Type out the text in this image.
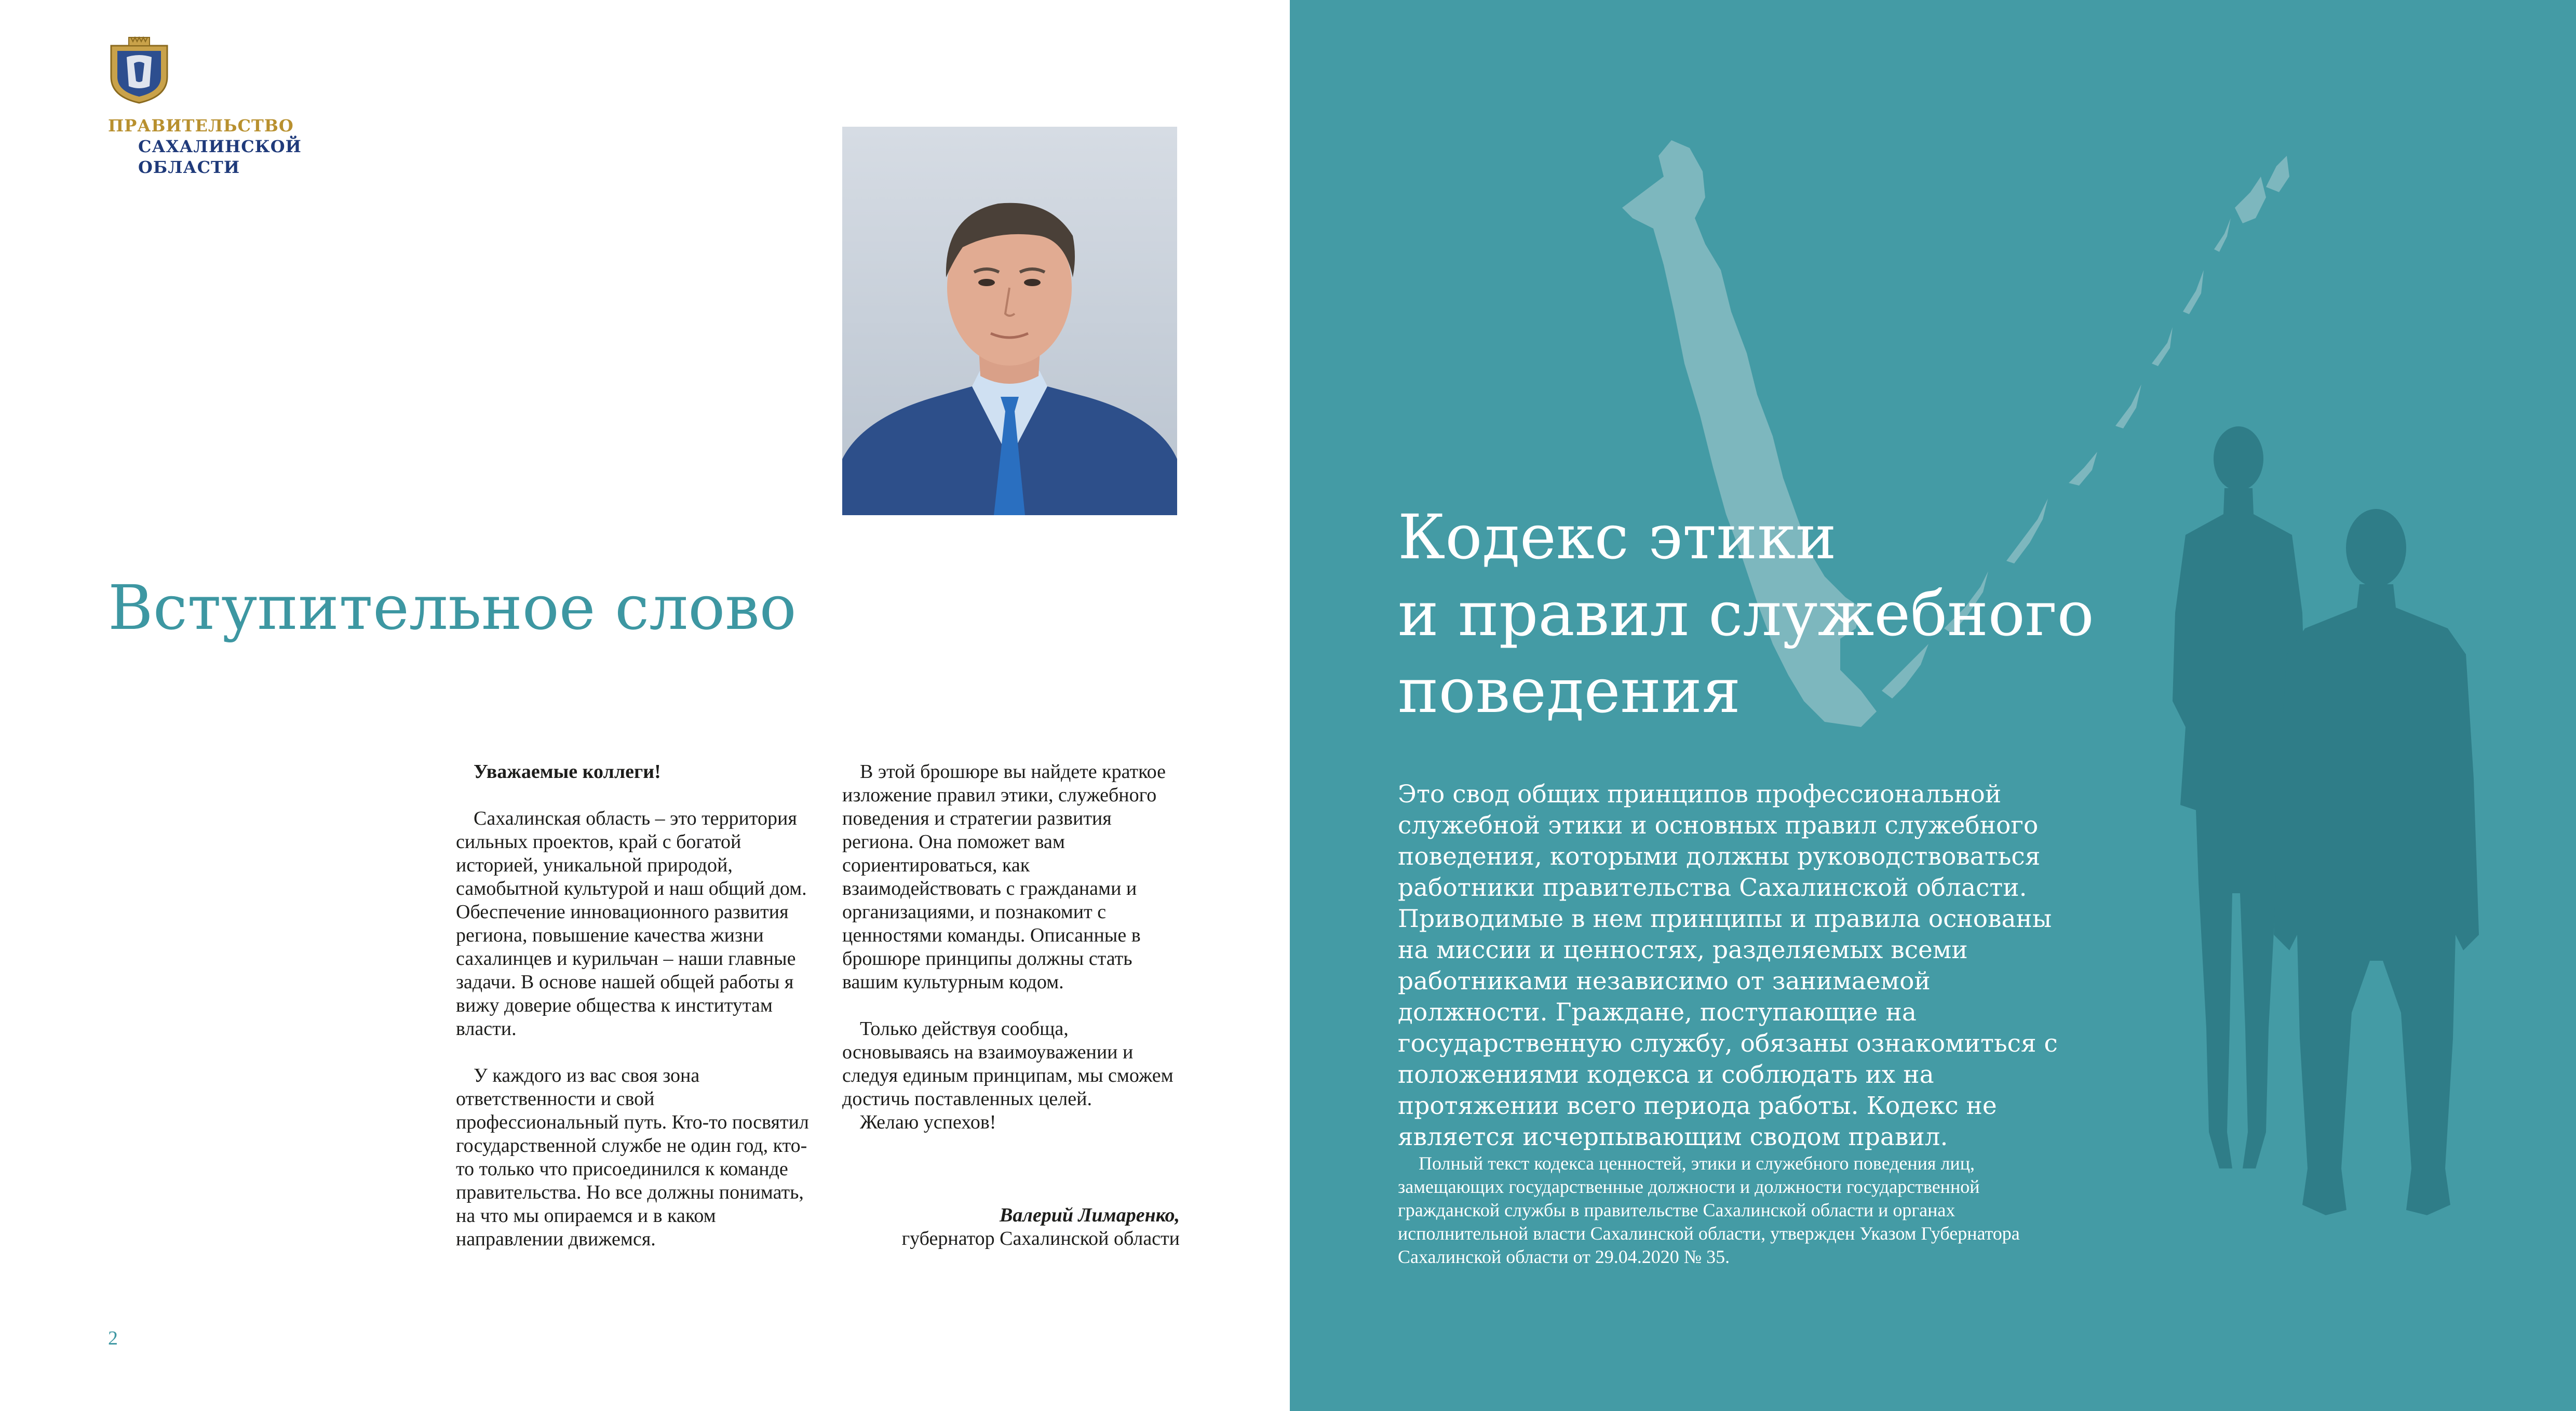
ПРАВИТЕЛЬСТВО
САХАЛИНСКОЙ
ОБЛАСТИ
Вступительное слово
Уважаемые коллеги!

Сахалинская область – это территория сильных проектов, край с богатой историей, уникальной природой, самобытной культурой и наш общий дом. Обеспечение инновационного развития региона, повышение качества жизни сахалинцев и курильчан – наши главные задачи. В основе нашей общей работы я вижу доверие общества к институтам власти.

У каждого из вас своя зона ответственности и свой профессиональный путь. Кто-то посвятил государственной службе не один год, кто-то только что присоединился к команде правительства. Но все должны понимать, на что мы опираемся и в каком направлении движемся.

В этой брошюре вы найдете краткое изложение правил этики, служебного поведения и стратегии развития региона. Она поможет вам сориентироваться, как взаимодействовать с гражданами и организациями, и познакомит с ценностями команды. Описанные в брошюре принципы должны стать вашим культурным кодом.

Только действуя сообща, основываясь на взаимоуважении и следуя единым принципам, мы сможем достичь поставленных целей.

Желаю успехов!

Валерий Лимаренко,
губернатор Сахалинской области
2
Кодекс этики
и правил служебного
поведения

Это свод общих принципов профессиональной служебной этики и основных правил служебного поведения, которыми должны руководствоваться работники правительства Сахалинской области. Приводимые в нем принципы и правила основаны на миссии и ценностях, разделяемых всеми работниками независимо от занимаемой должности. Граждане, поступающие на государственную службу, обязаны ознакомиться с положениями кодекса и соблюдать их на протяжении всего периода работы. Кодекс не является исчерпывающим сводом правил.

Полный текст кодекса ценностей, этики и служебного поведения лиц, замещающих государственные должности и должности государственной гражданской службы в правительстве Сахалинской области и органах исполнительной власти Сахалинской области, утвержден Указом Губернатора Сахалинской области от 29.04.2020 № 35.
